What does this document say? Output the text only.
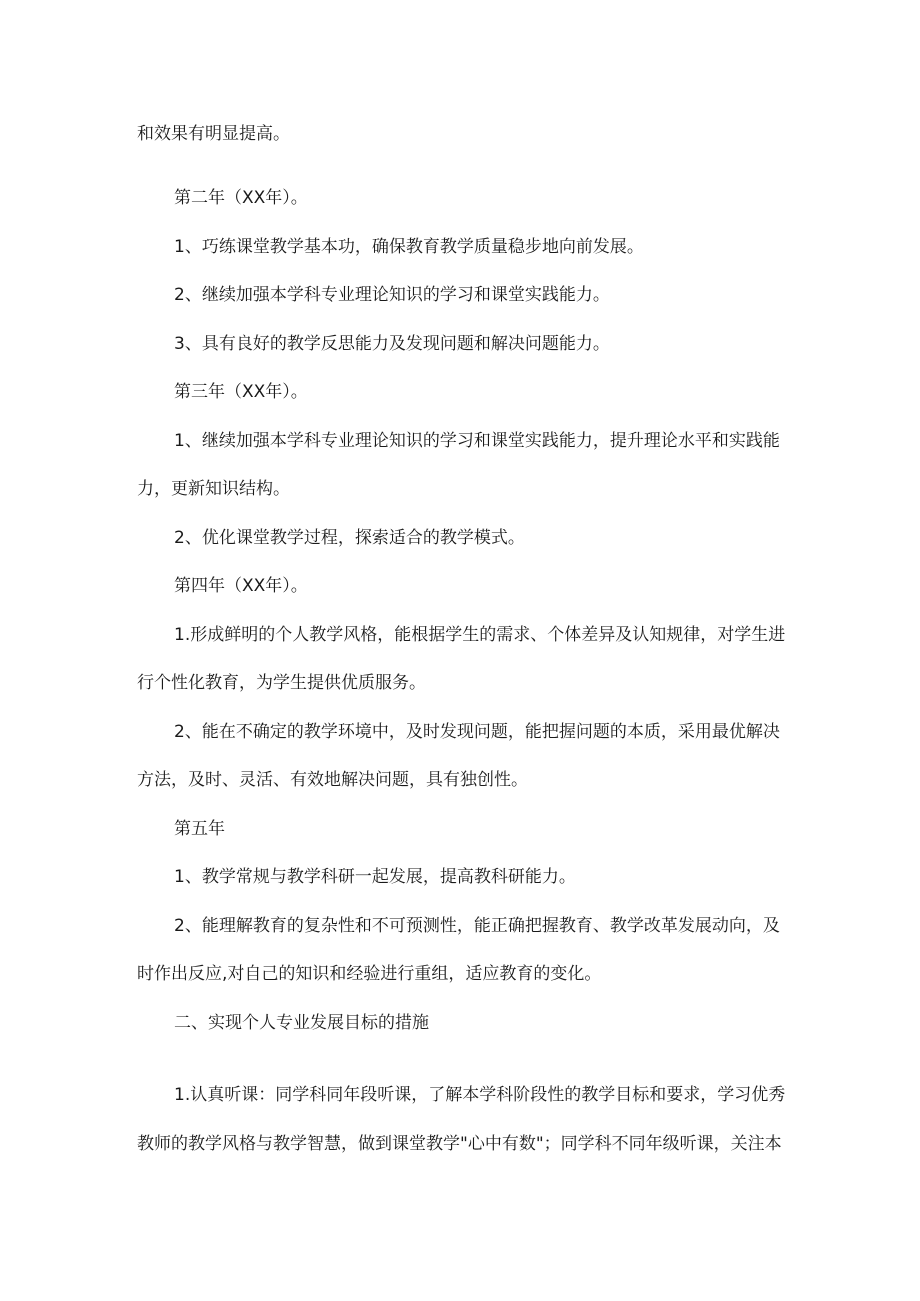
和效果有明显提高。
第二年（XX年）。
1、巧练课堂教学基本功，确保教育教学质量稳步地向前发展。
2、继续加强本学科专业理论知识的学习和课堂实践能力。
3、具有良好的教学反思能力及发现问题和解决问题能力。
第三年（XX年）。
1、继续加强本学科专业理论知识的学习和课堂实践能力，提升理论水平和实践能
力，更新知识结构。
2、优化课堂教学过程，探索适合的教学模式。
第四年（XX年）。
1.形成鲜明的个人教学风格，能根据学生的需求、个体差异及认知规律，对学生进
行个性化教育，为学生提供优质服务。
2、能在不确定的教学环境中，及时发现问题，能把握问题的本质，采用最优解决
方法，及时、灵活、有效地解决问题，具有独创性。
第五年
1、教学常规与教学科研一起发展，提高教科研能力。
2、能理解教育的复杂性和不可预测性，能正确把握教育、教学改革发展动向，及
时作出反应,对自己的知识和经验进行重组，适应教育的变化。
二、实现个人专业发展目标的措施
1.认真听课：同学科同年段听课，了解本学科阶段性的教学目标和要求，学习优秀
教师的教学风格与教学智慧，做到课堂教学"心中有数"；同学科不同年级听课，关注本
